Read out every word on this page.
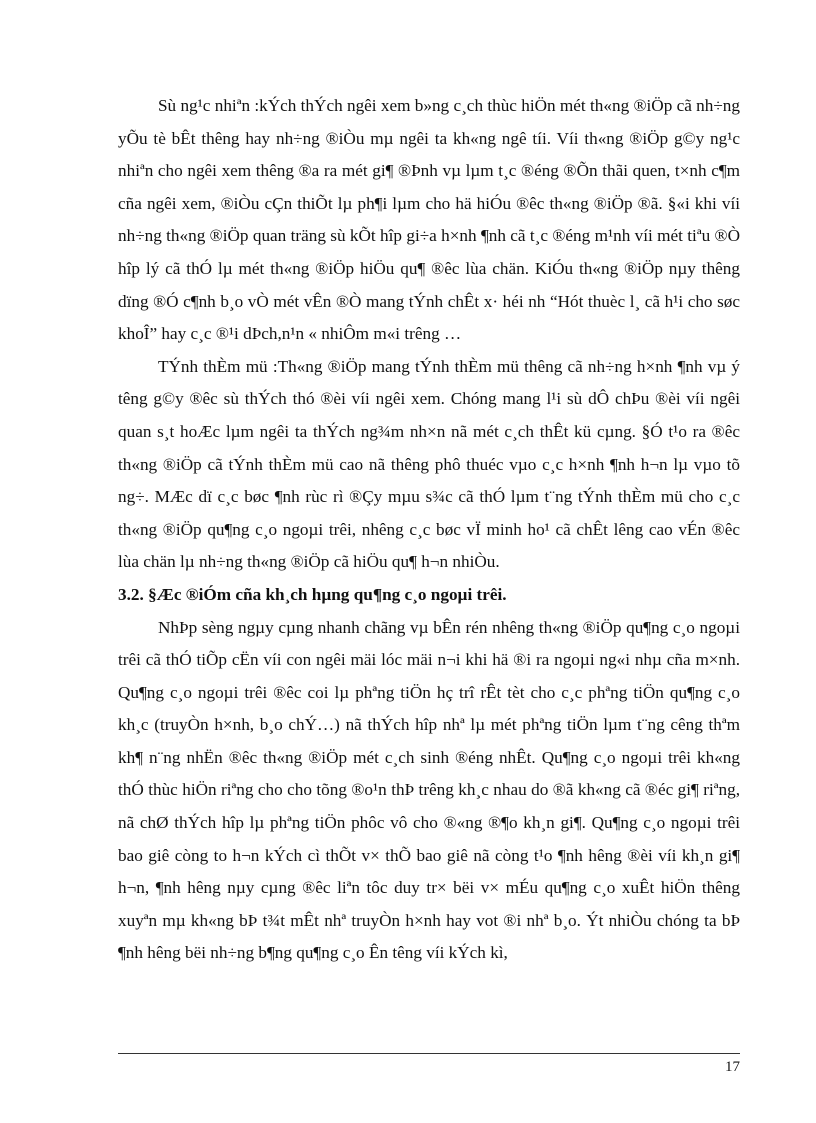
Sù ng¹c nhiªn :kÝch thÝch ngêi xem b»ng c¸ch thùc hiÖn mét th«ng ®iÖp cã nh÷ng yÕu tè bÊt thêng hay nh÷ng ®iÒu mµ ngêi ta kh«ng ngê tíi. Víi th«ng ®iÖp g©y ng¹c nhiªn cho ngêi xem thêng ®a ra mét gi¶ ®Þnh vµ lµm t¸c ®éng ®Õn thãi quen, t×nh c¶m cña ngêi xem, ®iÒu cÇn thiÕt lµ ph¶i lµm cho hä hiÓu ®êc th«ng ®iÖp ®ã. §«i khi víi nh÷ng th«ng ®iÖp quan träng sù kÕt hîp gi÷a h×nh ¶nh cã t¸c ®éng m¹nh víi mét tiªu ®Ò hîp lý cã thÓ lµ mét th«ng ®iÖp hiÖu qu¶ ®êc lùa chän. KiÓu th«ng ®iÖp nµy thêng dïng ®Ó c¶nh b¸o vÒ mét vÊn ®Ò mang tÝnh chÊt x· héi nh “Hót thuèc l¸ cã h¹i cho søc khoÎ” hay c¸c ®¹i dÞch,n¹n « nhiÔm m«i trêng …

TÝnh thÈm mü :Th«ng ®iÖp mang tÝnh thÈm mü thêng cã nh÷ng h×nh ¶nh vµ ý têng g©y ®êc sù thÝch thó ®èi víi ngêi xem. Chóng mang l¹i sù dÔ chÞu ®èi víi ngêi quan s¸t hoÆc lµm ngêi ta thÝch ng¾m nh×n nã mét c¸ch thÊt kü cµng. §Ó t¹o ra ®êc th«ng ®iÖp cã tÝnh thÈm mü cao nã thêng phô thuéc vµo c¸c h×nh ¶nh h¬n lµ vµo tõ ng÷. MÆc dï c¸c bøc ¶nh rùc rì ®Çy mµu s¾c cã thÓ lµm t¨ng tÝnh thÈm mü cho c¸c th«ng ®iÖp qu¶ng c¸o ngoµi trêi, nhêng c¸c bøc vÏ minh ho¹ cã chÊt lêng cao vÉn ®êc lùa chän lµ nh÷ng th«ng ®iÖp cã hiÖu qu¶ h¬n nhiÒu.

3.2. §Æc ®iÓm cña kh¸ch hµng qu¶ng c¸o ngoµi trêi.

NhÞp sèng ngµy cµng nhanh chãng vµ bÊn rén nhêng th«ng ®iÖp qu¶ng c¸o ngoµi trêi cã thÓ tiÕp cËn víi con ngêi mäi lóc mäi n¬i khi hä ®i ra ngoµi ng«i nhµ cña m×nh. Qu¶ng c¸o ngoµi trêi ®êc coi lµ phªng tiÖn hç trî rÊt tèt cho c¸c phªng tiÖn qu¶ng c¸o kh¸c (truyÒn h×nh, b¸o chÝ…) nã thÝch hîp nhª lµ mét phªng tiÖn lµm t¨ng cêng thªm kh¶ n¨ng nhËn ®êc th«ng ®iÖp mét c¸ch sinh ®éng nhÊt. Qu¶ng c¸o ngoµi trêi kh«ng thÓ thùc hiÖn riªng cho cho tõng ®o¹n thÞ trêng kh¸c nhau do ®ã kh«ng cã ®éc gi¶ riªng, nã chØ thÝch hîp lµ phªng tiÖn phôc vô cho ®«ng ®¶o kh¸n gi¶. Qu¶ng c¸o ngoµi trêi bao giê còng to h¬n kÝch cì thÕt v× thÕ bao giê nã còng t¹o ¶nh hêng ®èi víi kh¸n gi¶ h¬n, ¶nh hêng nµy cµng ®êc liªn tôc duy tr× bëi v× mÉu qu¶ng c¸o xuÊt hiÖn thêng xuyªn mµ kh«ng bÞ t¾t mÊt nhª truyÒn h×nh hay vot ®i nhª b¸o. Ýt nhiÒu chóng ta bÞ ¶nh hêng bëi nh÷ng b¶ng qu¶ng c¸o Ên têng víi kÝch kì,

17
